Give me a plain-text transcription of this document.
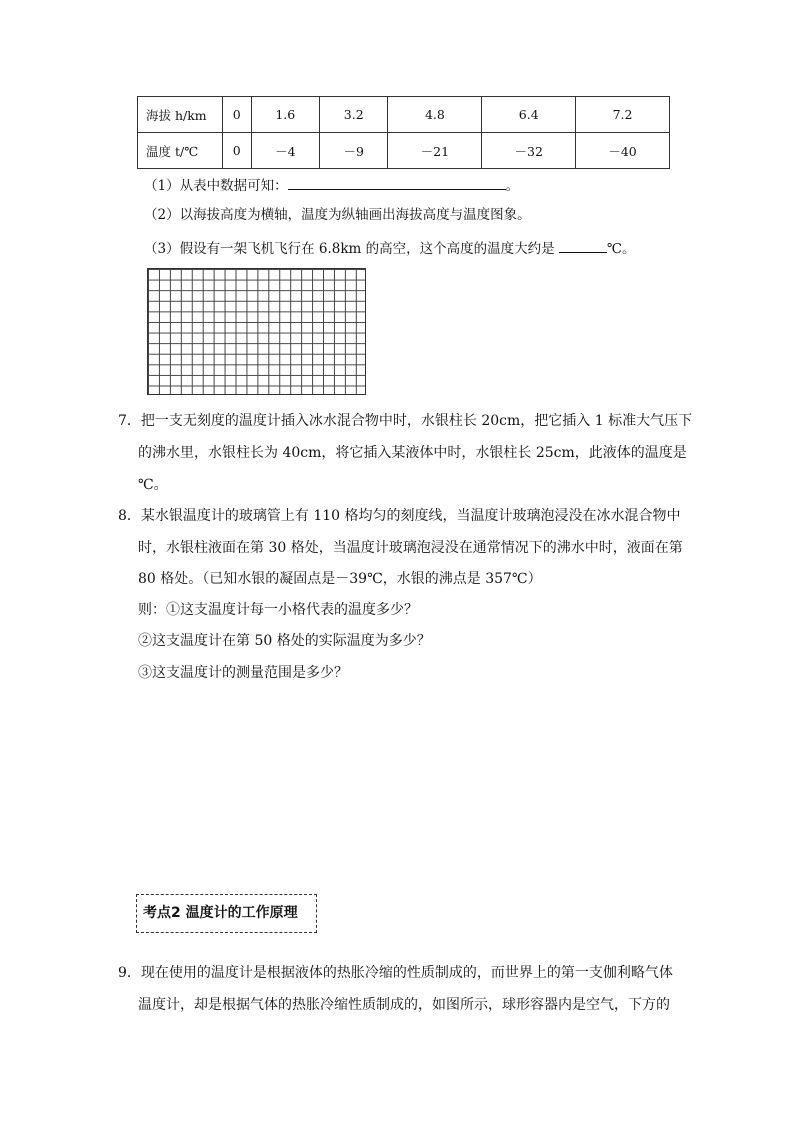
海拔 h/km	0	1.6	3.2	4.8	6.4	7.2
温度 t/℃	0	－4	－9	－21	－32	－40
（1）从表中数据可知：	。
（2）以海拔高度为横轴，温度为纵轴画出海拔高度与温度图象。
（3）假设有一架飞机飞行在 6.8km 的高空，这个高度的温度大约是	℃。
7．把一支无刻度的温度计插入冰水混合物中时，水银柱长 20cm，把它插入 1 标准大气压下
的沸水里，水银柱长为 40cm，将它插入某液体中时，水银柱长 25cm，此液体的温度是
℃。
8．某水银温度计的玻璃管上有 110 格均匀的刻度线，当温度计玻璃泡浸没在冰水混合物中
时，水银柱液面在第 30 格处，当温度计玻璃泡浸没在通常情况下的沸水中时，液面在第
80 格处。（已知水银的凝固点是－39℃，水银的沸点是 357℃）
则：①这支温度计每一小格代表的温度多少？
②这支温度计在第 50 格处的实际温度为多少？
③这支温度计的测量范围是多少？
考点2 温度计的工作原理
9．现在使用的温度计是根据液体的热胀冷缩的性质制成的，而世界上的第一支伽利略气体
温度计，却是根据气体的热胀冷缩性质制成的，如图所示，球形容器内是空气，下方的
